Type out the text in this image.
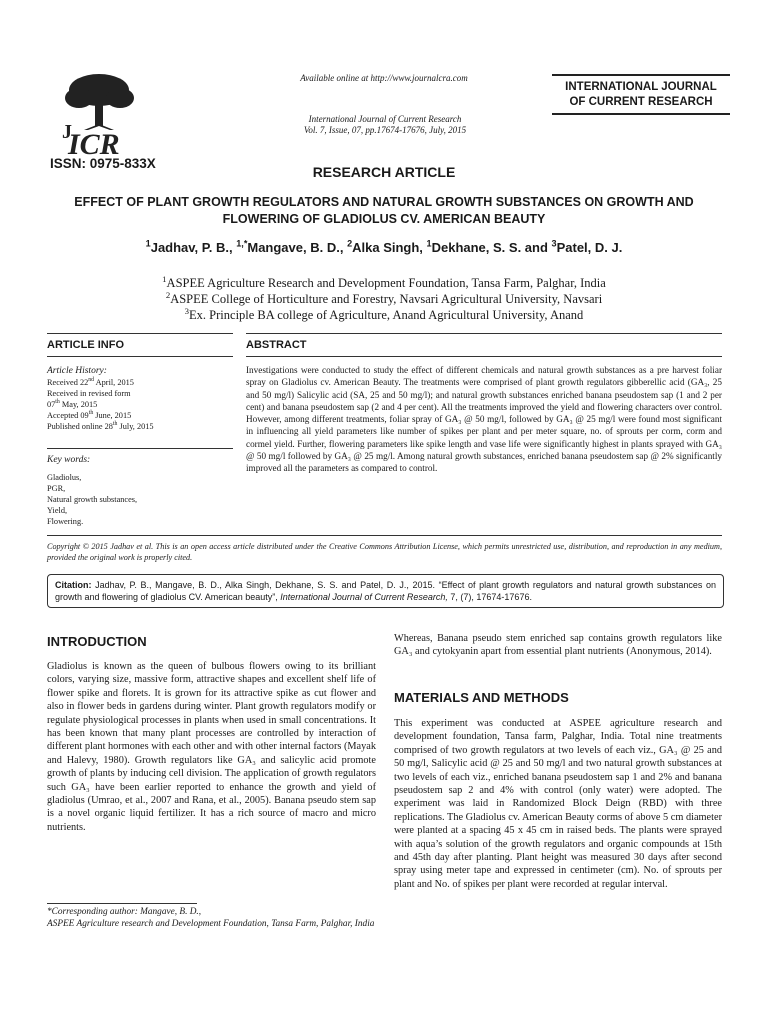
ICR
J
ISSN: 0975-833X
Available online at http://www.journalcra.com
INTERNATIONAL JOURNAL
OF CURRENT RESEARCH
International Journal of Current Research
Vol. 7, Issue, 07, pp.17674-17676, July, 2015
RESEARCH ARTICLE
EFFECT OF PLANT GROWTH REGULATORS AND NATURAL GROWTH SUBSTANCES ON GROWTH AND FLOWERING OF GLADIOLUS CV. AMERICAN BEAUTY
$^1$Jadhav, P. B., $^{1,*}$Mangave, B. D., $^2$Alka Singh, $^1$Dekhane, S. S. and $^3$Patel, D. J.
$^1$ASPEE Agriculture Research and Development Foundation, Tansa Farm, Palghar, India
$^2$ASPEE College of Horticulture and Forestry, Navsari Agricultural University, Navsari
$^3$Ex. Principle BA college of Agriculture, Anand Agricultural University, Anand
ARTICLE INFO	ABSTRACT
Article History:
Received 22nd April, 2015
Received in revised form
07th May, 2015
Accepted 09th June, 2015
Published online 28th July, 2015
Key words:
Gladiolus,
PGR,
Natural growth substances,
Yield,
Flowering.
Investigations were conducted to study the effect of different chemicals and natural growth substances as a pre harvest foliar spray on Gladiolus cv. American Beauty. The treatments were comprised of plant growth regulators gibberellic acid (GA₃, 25 and 50 mg/l) Salicylic acid (SA, 25 and 50 mg/l); and natural growth substances enriched banana pseudostem sap (1 and 2 per cent) and banana pseudostem sap (2 and 4 per cent). All the treatments improved the yield and flowering characters over control. However, among different treatments, foliar spray of GA₃ @ 50 mg/l, followed by GA₃ @ 25 mg/l were found most significant in influencing all yield parameters like number of spikes per plant and per meter square, no. of sprouts per corm, corm and cormel yield. Further, flowering parameters like spike length and vase life were significantly highest in plants sprayed with GA₃ @ 50 mg/l followed by GA₃ @ 25 mg/l. Among natural growth substances, enriched banana pseudostem sap @ 2% significantly improved all the parameters as compared to control.
Copyright © 2015 Jadhav et al. This is an open access article distributed under the Creative Commons Attribution License, which permits unrestricted use, distribution, and reproduction in any medium, provided the original work is properly cited.
Citation: Jadhav, P. B., Mangave, B. D., Alka Singh, Dekhane, S. S. and Patel, D. J., 2015. “Effect of plant growth regulators and natural growth substances on growth and flowering of gladiolus CV. American beauty”, International Journal of Current Research, 7, (7), 17674-17676.
INTRODUCTION
Gladiolus is known as the queen of bulbous flowers owing to its brilliant colors, varying size, massive form, attractive shapes and excellent shelf life of flower spike and florets. It is grown for its attractive spike as cut flower and also in flower beds in gardens during winter. Plant growth regulators modify or regulate physiological processes in plants when used in small concentrations. It has been known that many plant processes are controlled by interaction of different plant hormones with each other and with other internal factors (Mayak and Halevy, 1980). Growth regulators like GA₃ and salicylic acid promote growth of plants by inducing cell division. The application of growth regulators such GA₃ have been earlier reported to enhance the growth and yield of gladiolus (Umrao, et al., 2007 and Rana, et al., 2005). Banana pseudo stem sap is a novel organic liquid fertilizer. It has a rich source of macro and micro nutrients.
*Corresponding author: Mangave, B. D.,
ASPEE Agriculture research and Development Foundation, Tansa Farm, Palghar, India
Whereas, Banana pseudo stem enriched sap contains growth regulators like GA₃ and cytokyanin apart from essential plant nutrients (Anonymous, 2014).
MATERIALS AND METHODS
This experiment was conducted at ASPEE agriculture research and development foundation, Tansa farm, Palghar, India. Total nine treatments comprised of two growth regulators at two levels of each viz., GA₃ @ 25 and 50 mg/l, Salicylic acid @ 25 and 50 mg/l and two natural growth substances at two levels of each viz., enriched banana pseudostem sap 1 and 2% and banana pseudostem sap 2 and 4% with control (only water) were adopted. The experiment was laid in Randomized Block Deign (RBD) with three replications. The Gladiolus cv. American Beauty corms of above 5 cm diameter were planted at a spacing 45 x 45 cm in raised beds. The plants were sprayed with aqua’s solution of the growth regulators and organic compounds at 15th and 45th day after planting. Plant height was measured 30 days after second spray using meter tape and expressed in centimeter (cm). No. of sprouts per plant and No. of spikes per plant were recorded at regular interval.
